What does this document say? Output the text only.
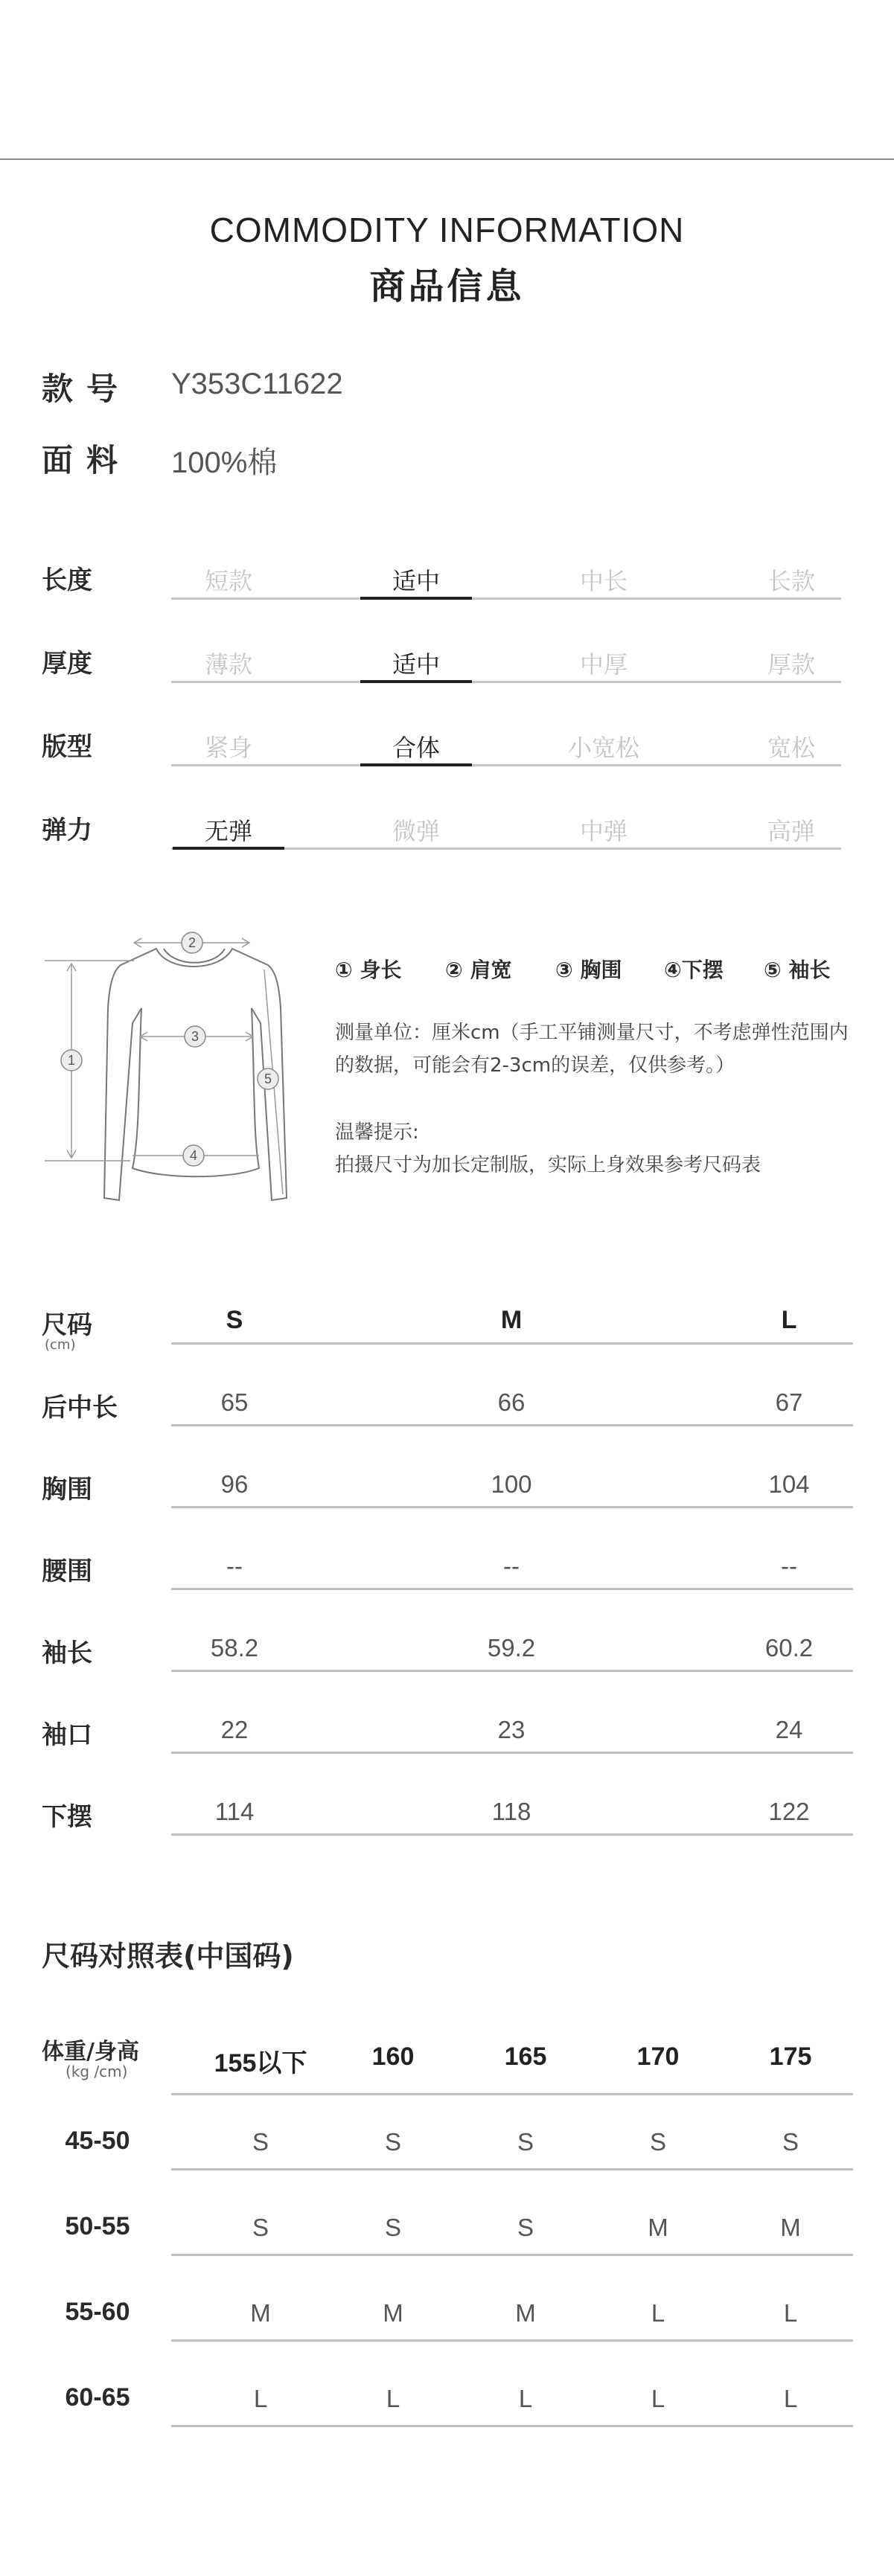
COMMODITY INFORMATION
商品信息
款号 Y353C11622
面料 100%棉
长度	短款	适中	中长	长款
厚度	薄款	适中	中厚	厚款
版型	紧身	合体	小宽松	宽松
弹力	无弹	微弹	中弹	高弹
1
2
3
4
5
① 身长 ② 肩宽 ③ 胸围 ④下摆 ⑤ 袖长
测量单位：厘米cm（手工平铺测量尺寸，不考虑弹性范围内
的数据，可能会有2-3cm的误差，仅供参考。）
温馨提示:
拍摄尺寸为加长定制版，实际上身效果参考尺码表
尺码
(cm)
S	M	L
后中长	65	66	67
胸围	96	100	104
腰围	--	--	--
袖长	58.2	59.2	60.2
袖口	22	23	24
下摆	114	118	122
尺码对照表(中国码)
体重/身高
(kg /cm)	155以下	160	165	170	175
45-50	S	S	S	S	S
50-55	S	S	S	M	M
55-60	M	M	M	L	L
60-65	L	L	L	L	L
